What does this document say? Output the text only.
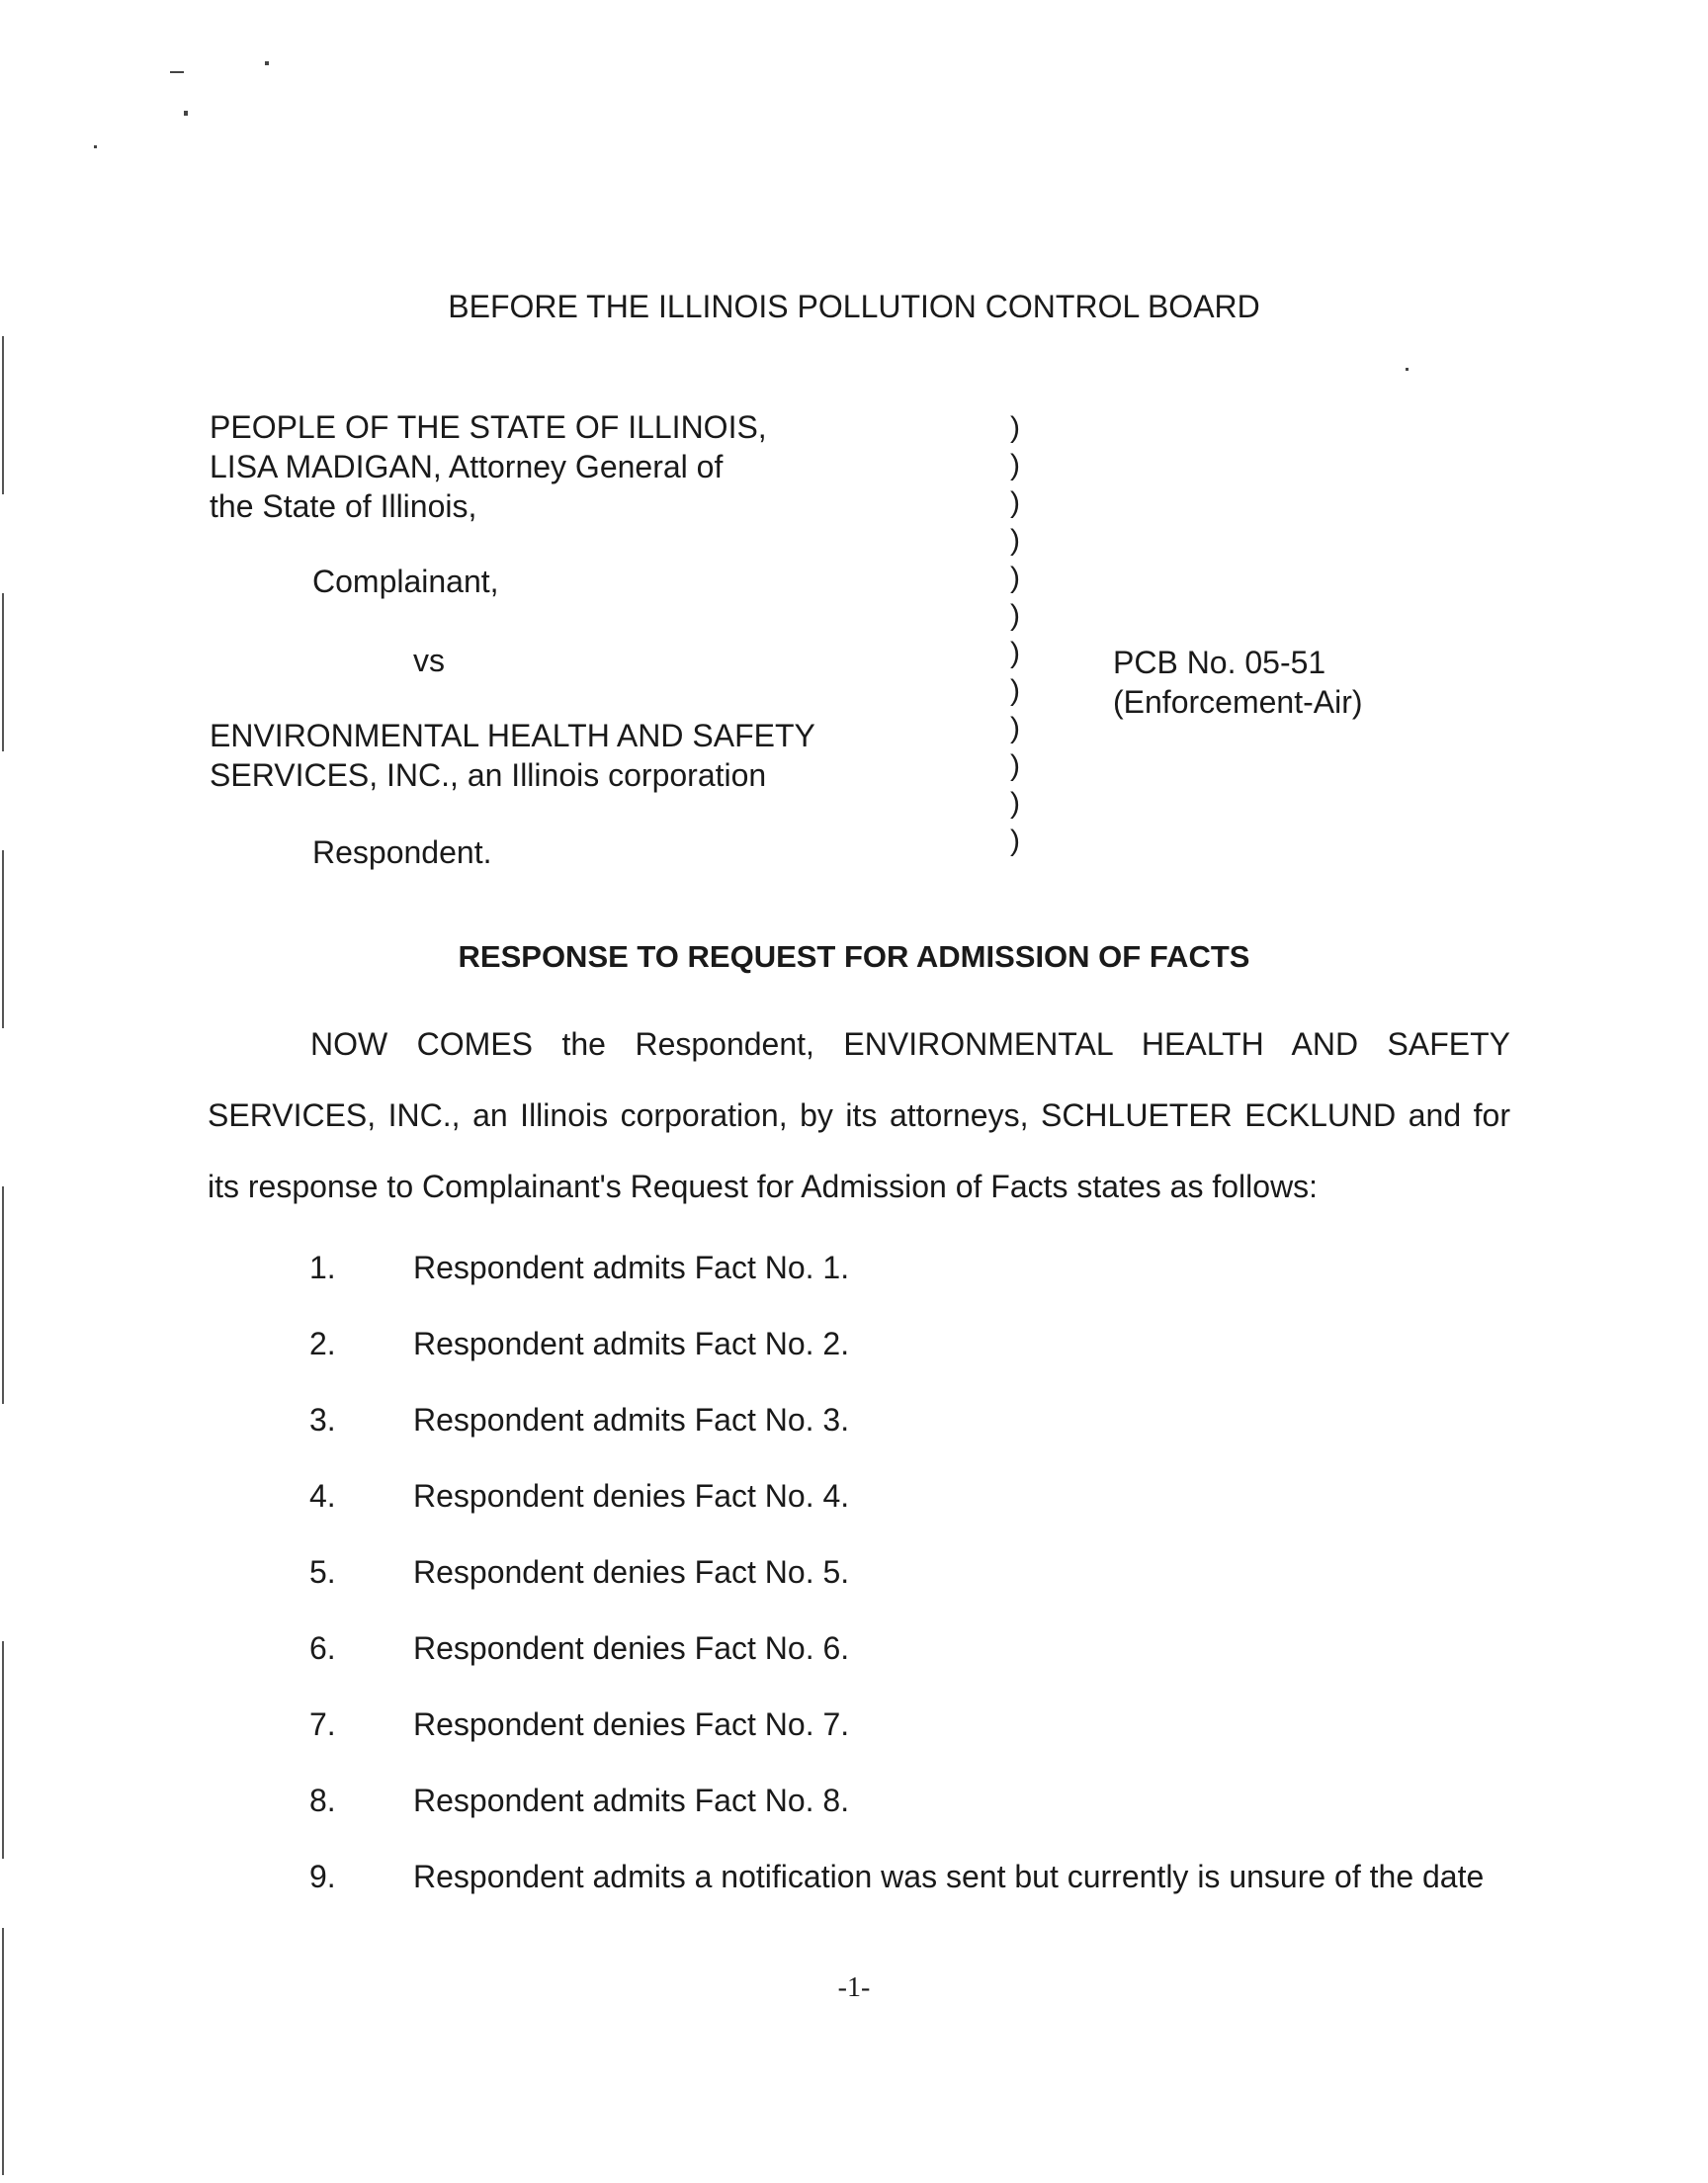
BEFORE THE ILLINOIS POLLUTION CONTROL BOARD
PEOPLE OF THE STATE OF ILLINOIS,
LISA MADIGAN, Attorney General of
the State of Illinois,
Complainant,
vs
ENVIRONMENTAL HEALTH AND SAFETY
SERVICES, INC., an Illinois corporation
Respondent.
)
)
)
)
)
)
)
)
)
)
)
)
PCB No. 05-51
(Enforcement-Air)
RESPONSE TO REQUEST FOR ADMISSION OF FACTS
NOW COMES the Respondent, ENVIRONMENTAL HEALTH AND SAFETY
SERVICES, INC., an Illinois corporation, by its attorneys, SCHLUETER ECKLUND and for
its response to Complainant's Request for Admission of Facts states as follows:
1. Respondent admits Fact No. 1.
2. Respondent admits Fact No. 2.
3. Respondent admits Fact No. 3.
4. Respondent denies Fact No. 4.
5. Respondent denies Fact No. 5.
6. Respondent denies Fact No. 6.
7. Respondent denies Fact No. 7.
8. Respondent admits Fact No. 8.
9. Respondent admits a notification was sent but currently is unsure of the date
-1-
